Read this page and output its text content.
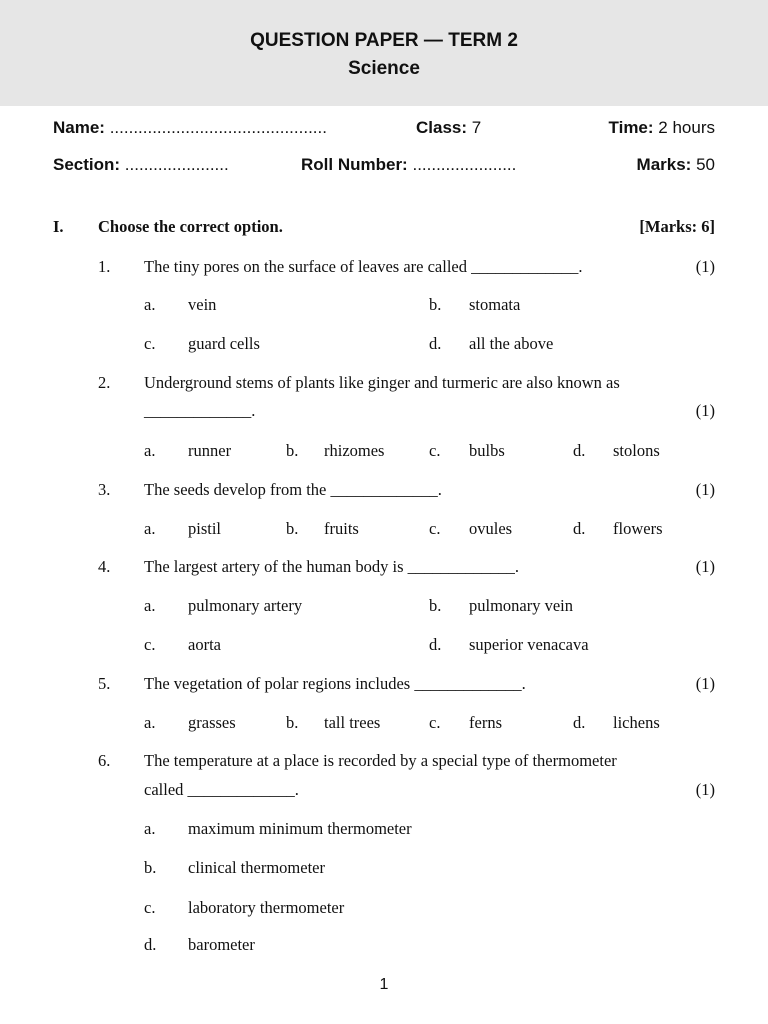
QUESTION PAPER — TERM 2
Science
Name: ..............................................	Class: 7	Time: 2 hours
Section: ......................	Roll Number: ......................	Marks: 50
I. Choose the correct option.	[Marks: 6]
1. The tiny pores on the surface of leaves are called _____________.	(1)
a. vein	b. stomata
c. guard cells	d. all the above
2. Underground stems of plants like ginger and turmeric are also known as
_____________.	(1)
a. runner	b. rhizomes	c. bulbs	d. stolons
3. The seeds develop from the _____________.	(1)
a. pistil	b. fruits	c. ovules	d. flowers
4. The largest artery of the human body is _____________.	(1)
a. pulmonary artery	b. pulmonary vein
c. aorta	d. superior venacava
5. The vegetation of polar regions includes _____________.	(1)
a. grasses	b. tall trees	c. ferns	d. lichens
6. The temperature at a place is recorded by a special type of thermometer
called _____________.	(1)
a. maximum minimum thermometer
b. clinical thermometer
c. laboratory thermometer
d. barometer
1
